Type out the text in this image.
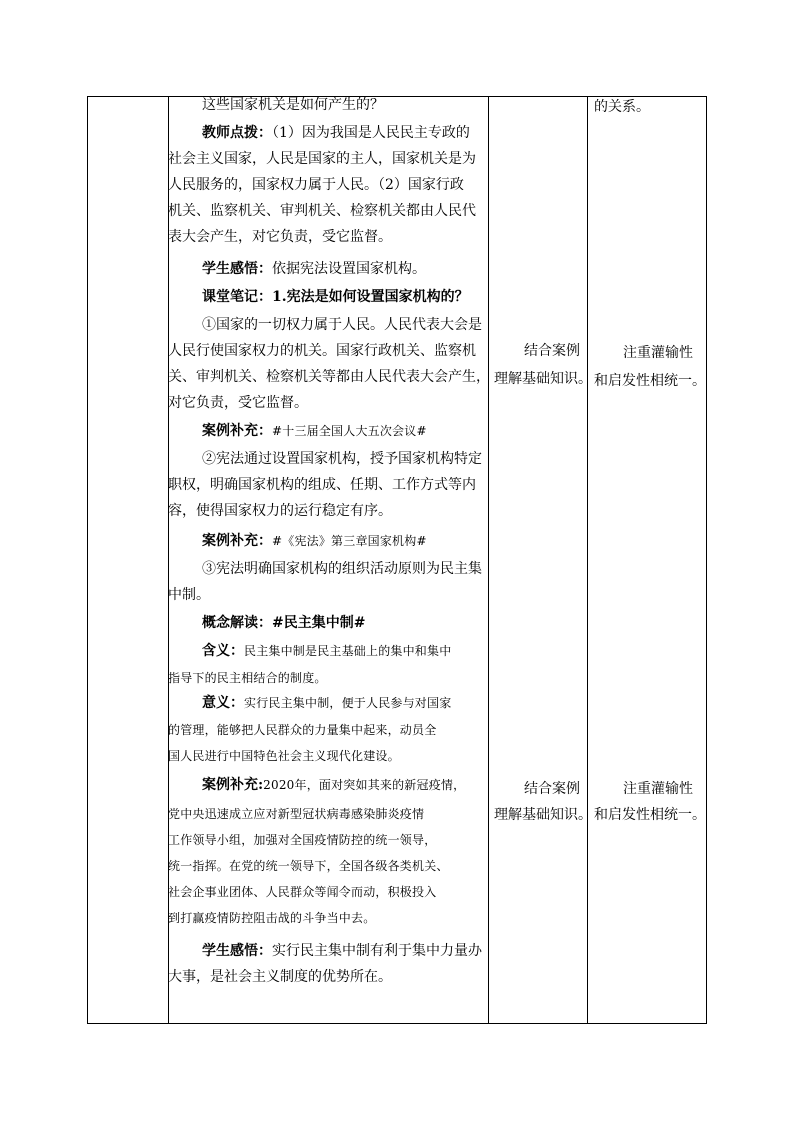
这些国家机关是如何产生的？

教师点拨：（1）因为我国是人民民主专政的

社会主义国家，人民是国家的主人，国家机关是为

人民服务的，国家权力属于人民。（2）国家行政

机关、监察机关、审判机关、检察机关都由人民代

表大会产生，对它负责，受它监督。

学生感悟：依据宪法设置国家机构。

课堂笔记：1.宪法是如何设置国家机构的？

①国家的一切权力属于人民。人民代表大会是

人民行使国家权力的机关。国家行政机关、监察机

关、审判机关、检察机关等都由人民代表大会产生，

对它负责，受它监督。

案例补充：#十三届全国人大五次会议#

②宪法通过设置国家机构，授予国家机构特定

职权，明确国家机构的组成、任期、工作方式等内

容，使得国家权力的运行稳定有序。

案例补充：#《宪法》第三章国家机构#

③宪法明确国家机构的组织活动原则为民主集

中制。

概念解读：#民主集中制#

含义：民主集中制是民主基础上的集中和集中

指导下的民主相结合的制度。

意义：实行民主集中制，便于人民参与对国家

的管理，能够把人民群众的力量集中起来，动员全

国人民进行中国特色社会主义现代化建设。

案例补充:2020年，面对突如其来的新冠疫情，

党中央迅速成立应对新型冠状病毒感染肺炎疫情

工作领导小组，加强对全国疫情防控的统一领导，

统一指挥。在党的统一领导下，全国各级各类机关、

社会企事业团体、人民群众等闻令而动，积极投入

到打赢疫情防控阻击战的斗争当中去。

学生感悟：实行民主集中制有利于集中力量办

大事，是社会主义制度的优势所在。

结合案例
理解基础知识。
结合案例
理解基础知识。
的关系。
注重灌输性
和启发性相统一。
注重灌输性
和启发性相统一。
